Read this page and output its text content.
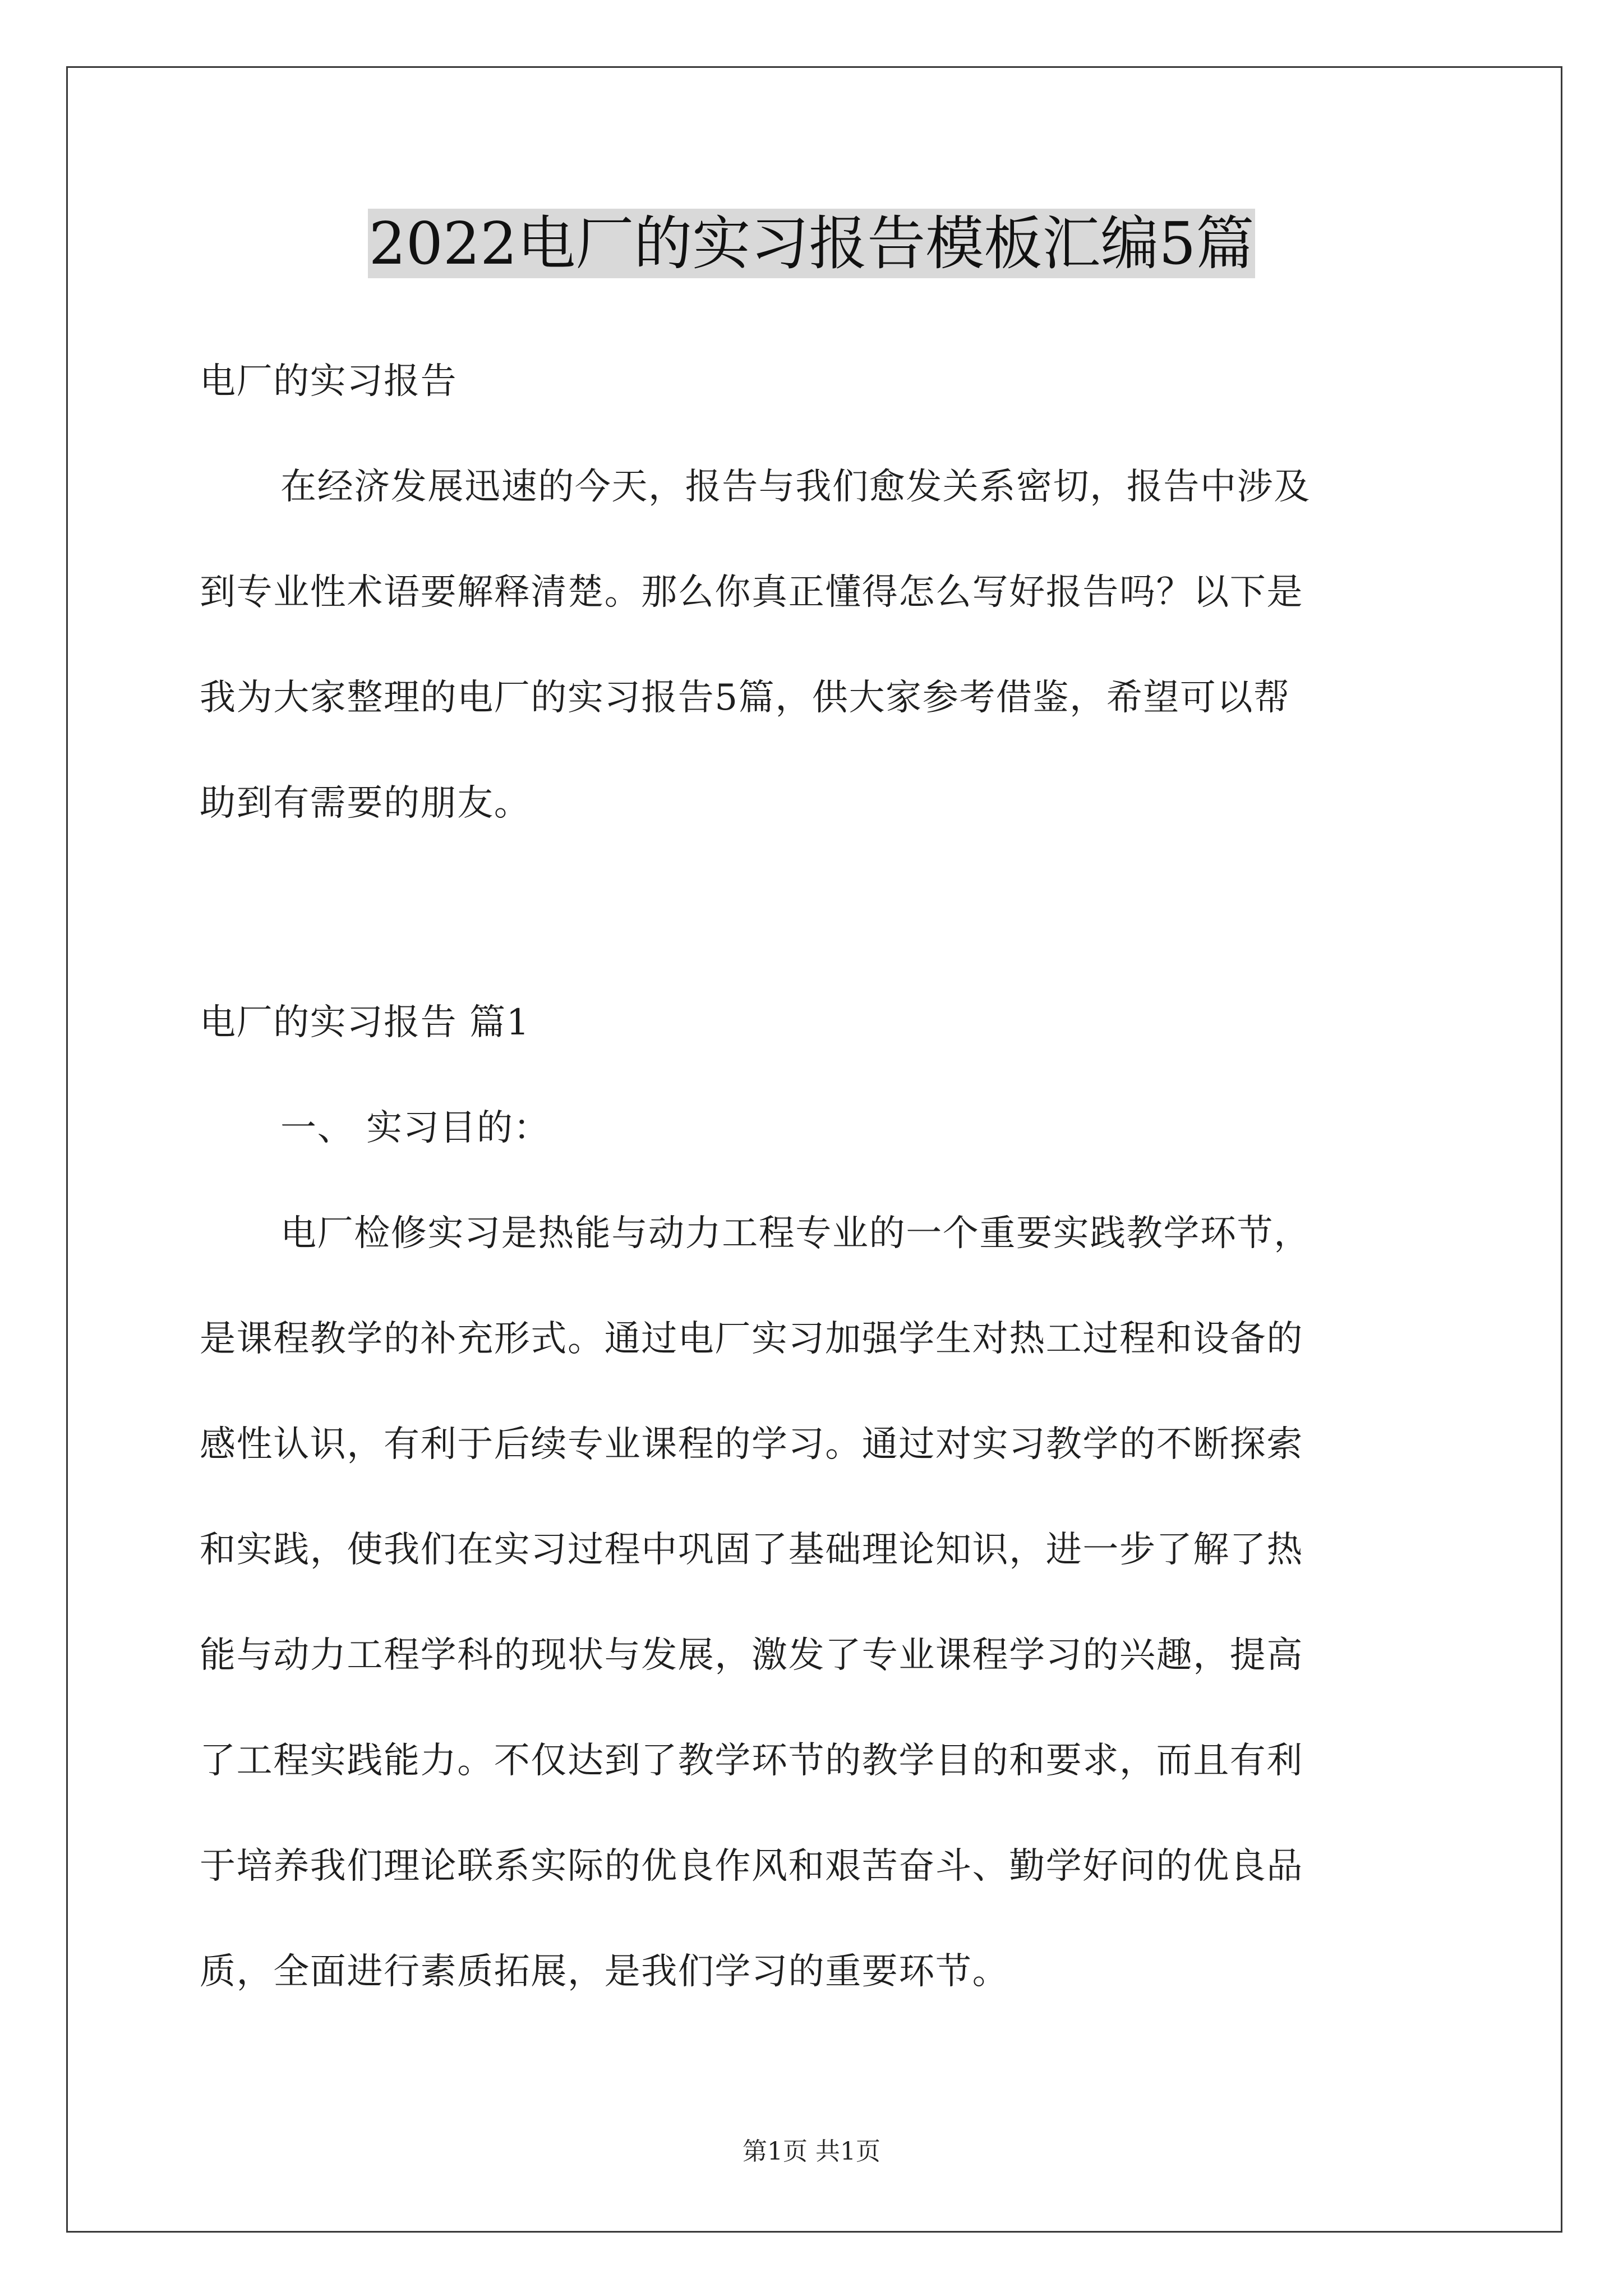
2022电厂的实习报告模板汇编5篇
电厂的实习报告
在经济发展迅速的今天，报告与我们愈发关系密切，报告中涉及
到专业性术语要解释清楚。那么你真正懂得怎么写好报告吗？以下是
我为大家整理的电厂的实习报告5篇，供大家参考借鉴，希望可以帮
助到有需要的朋友。
电厂的实习报告 篇1
一、 实习目的：
电厂检修实习是热能与动力工程专业的一个重要实践教学环节，
是课程教学的补充形式。通过电厂实习加强学生对热工过程和设备的
感性认识，有利于后续专业课程的学习。通过对实习教学的不断探索
和实践，使我们在实习过程中巩固了基础理论知识，进一步了解了热
能与动力工程学科的现状与发展，激发了专业课程学习的兴趣，提高
了工程实践能力。不仅达到了教学环节的教学目的和要求，而且有利
于培养我们理论联系实际的优良作风和艰苦奋斗、勤学好问的优良品
质，全面进行素质拓展，是我们学习的重要环节。
第1页 共1页
